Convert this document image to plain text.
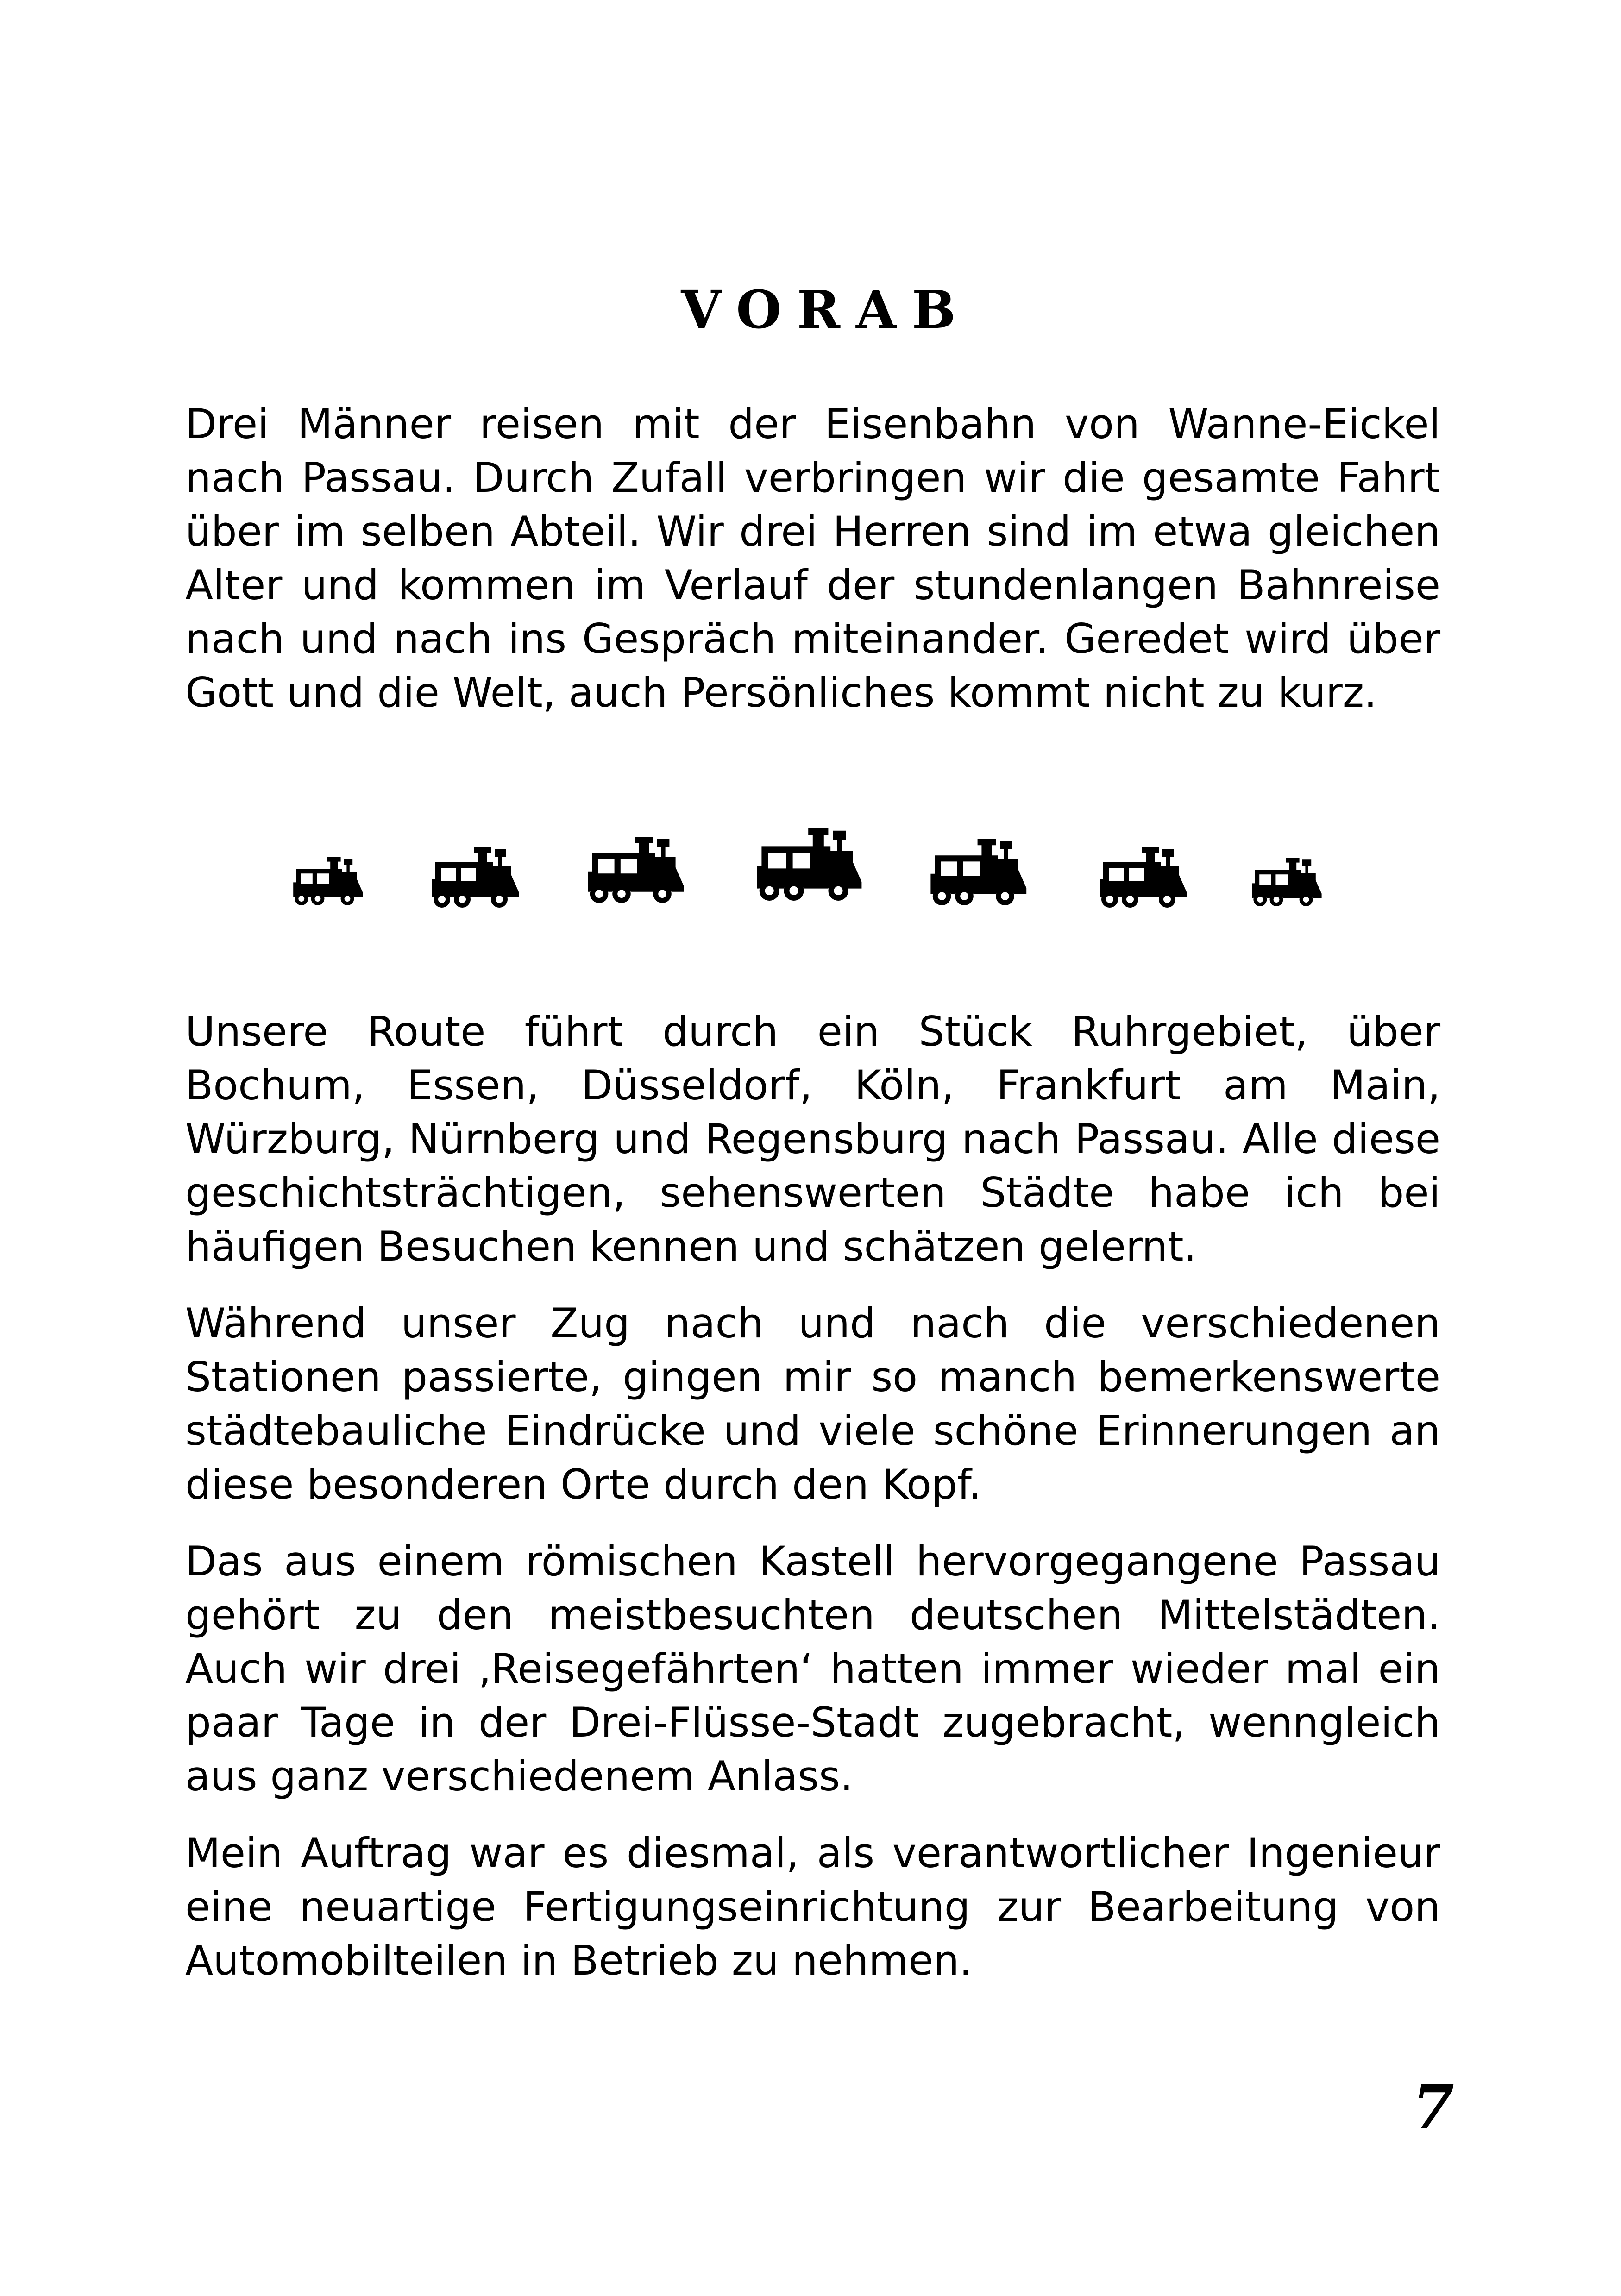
VORAB

Drei Männer reisen mit der Eisenbahn von Wanne-Eickel nach Passau. Durch Zufall verbringen wir die gesamte Fahrt über im selben Abteil. Wir drei Herren sind im etwa gleichen Alter und kommen im Verlauf der stundenlangen Bahnreise nach und nach ins Gespräch miteinander. Geredet wird über Gott und die Welt, auch Persönliches kommt nicht zu kurz.

Unsere Route führt durch ein Stück Ruhrgebiet, über Bochum, Essen, Düsseldorf, Köln, Frankfurt am Main, Würzburg, Nürnberg und Regensburg nach Passau. Alle diese geschichtsträchtigen, sehenswerten Städte habe ich bei häufigen Besuchen kennen und schätzen gelernt.

Während unser Zug nach und nach die verschiedenen Stationen passierte, gingen mir so manch bemerkenswerte städtebauliche Eindrücke und viele schöne Erinnerungen an diese besonderen Orte durch den Kopf.

Das aus einem römischen Kastell hervorgegangene Passau gehört zu den meistbesuchten deutschen Mittelstädten. Auch wir drei ‚Reisegefährten‘ hatten immer wieder mal ein paar Tage in der Drei-Flüsse-Stadt zugebracht, wenngleich aus ganz verschiedenem Anlass.

Mein Auftrag war es diesmal, als verantwortlicher Ingenieur eine neuartige Fertigungseinrichtung zur Bearbeitung von Automobilteilen in Betrieb zu nehmen.

7
